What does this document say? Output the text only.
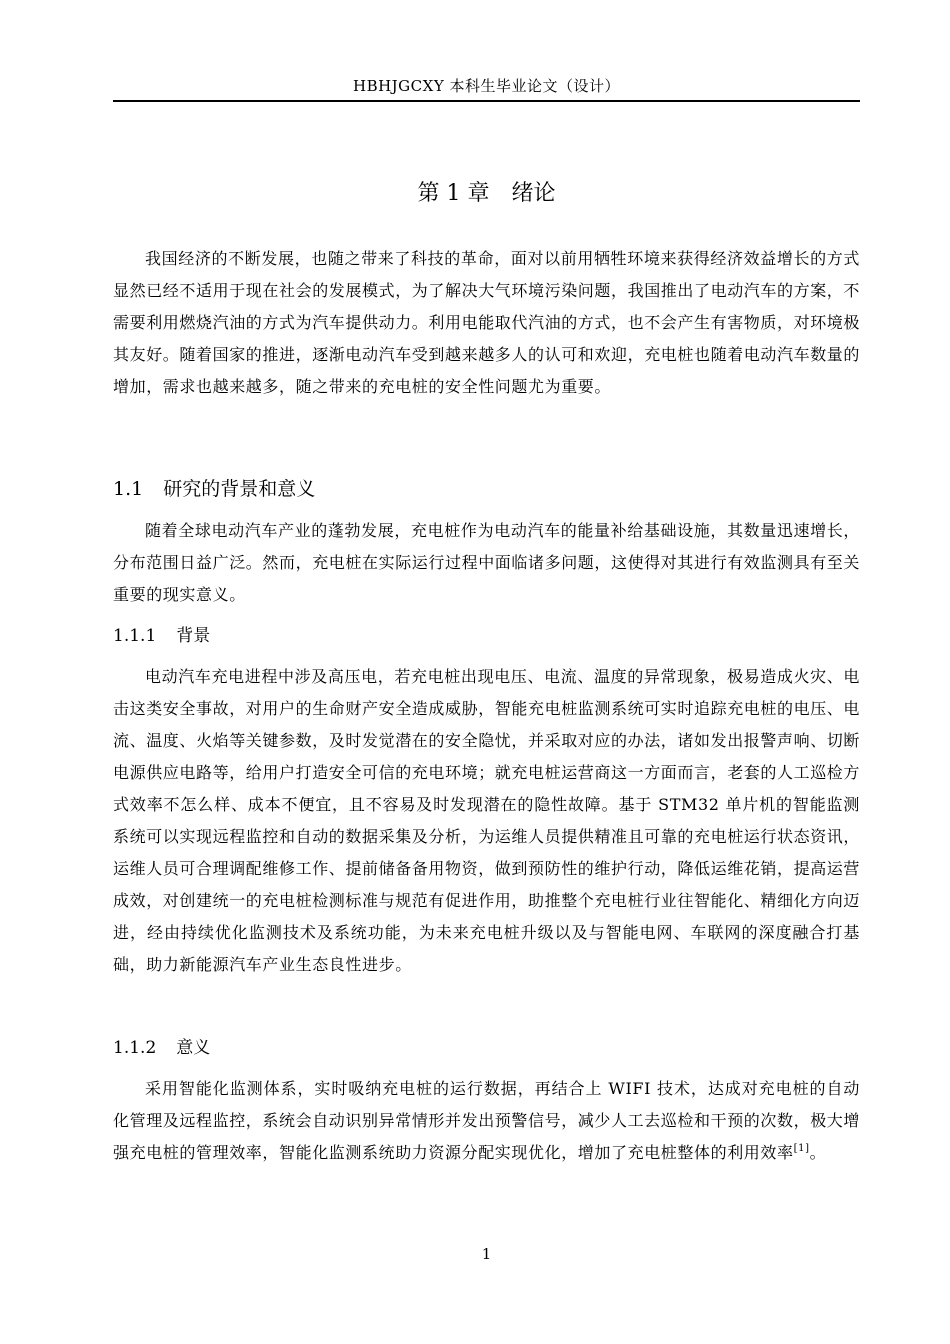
HBHJGCXY 本科生毕业论文（设计）
第 1 章 绪论

我国经济的不断发展，也随之带来了科技的革命，面对以前用牺牲环境来获得经济效益增长的方式显然已经不适用于现在社会的发展模式，为了解决大气环境污染问题，我国推出了电动汽车的方案，不需要利用燃烧汽油的方式为汽车提供动力。利用电能取代汽油的方式，也不会产生有害物质，对环境极其友好。随着国家的推进，逐渐电动汽车受到越来越多人的认可和欢迎，充电桩也随着电动汽车数量的增加，需求也越来越多，随之带来的充电桩的安全性问题尤为重要。

1.1 研究的背景和意义

随着全球电动汽车产业的蓬勃发展，充电桩作为电动汽车的能量补给基础设施，其数量迅速增长，分布范围日益广泛。然而，充电桩在实际运行过程中面临诸多问题，这使得对其进行有效监测具有至关重要的现实意义。

1.1.1 背景

电动汽车充电进程中涉及高压电，若充电桩出现电压、电流、温度的异常现象，极易造成火灾、电击这类安全事故，对用户的生命财产安全造成威胁，智能充电桩监测系统可实时追踪充电桩的电压、电流、温度、火焰等关键参数，及时发觉潜在的安全隐忧，并采取对应的办法，诸如发出报警声响、切断电源供应电路等，给用户打造安全可信的充电环境；就充电桩运营商这一方面而言，老套的人工巡检方式效率不怎么样、成本不便宜，且不容易及时发现潜在的隐性故障。基于 STM32 单片机的智能监测系统可以实现远程监控和自动的数据采集及分析，为运维人员提供精准且可靠的充电桩运行状态资讯，运维人员可合理调配维修工作、提前储备备用物资，做到预防性的维护行动，降低运维花销，提高运营成效，对创建统一的充电桩检测标准与规范有促进作用，助推整个充电桩行业往智能化、精细化方向迈进，经由持续优化监测技术及系统功能，为未来充电桩升级以及与智能电网、车联网的深度融合打基础，助力新能源汽车产业生态良性进步。

1.1.2 意义

采用智能化监测体系，实时吸纳充电桩的运行数据，再结合上 WIFI 技术，达成对充电桩的自动化管理及远程监控，系统会自动识别异常情形并发出预警信号，减少人工去巡检和干预的次数，极大增强充电桩的管理效率，智能化监测系统助力资源分配实现优化，增加了充电桩整体的利用效率[1]。

1
